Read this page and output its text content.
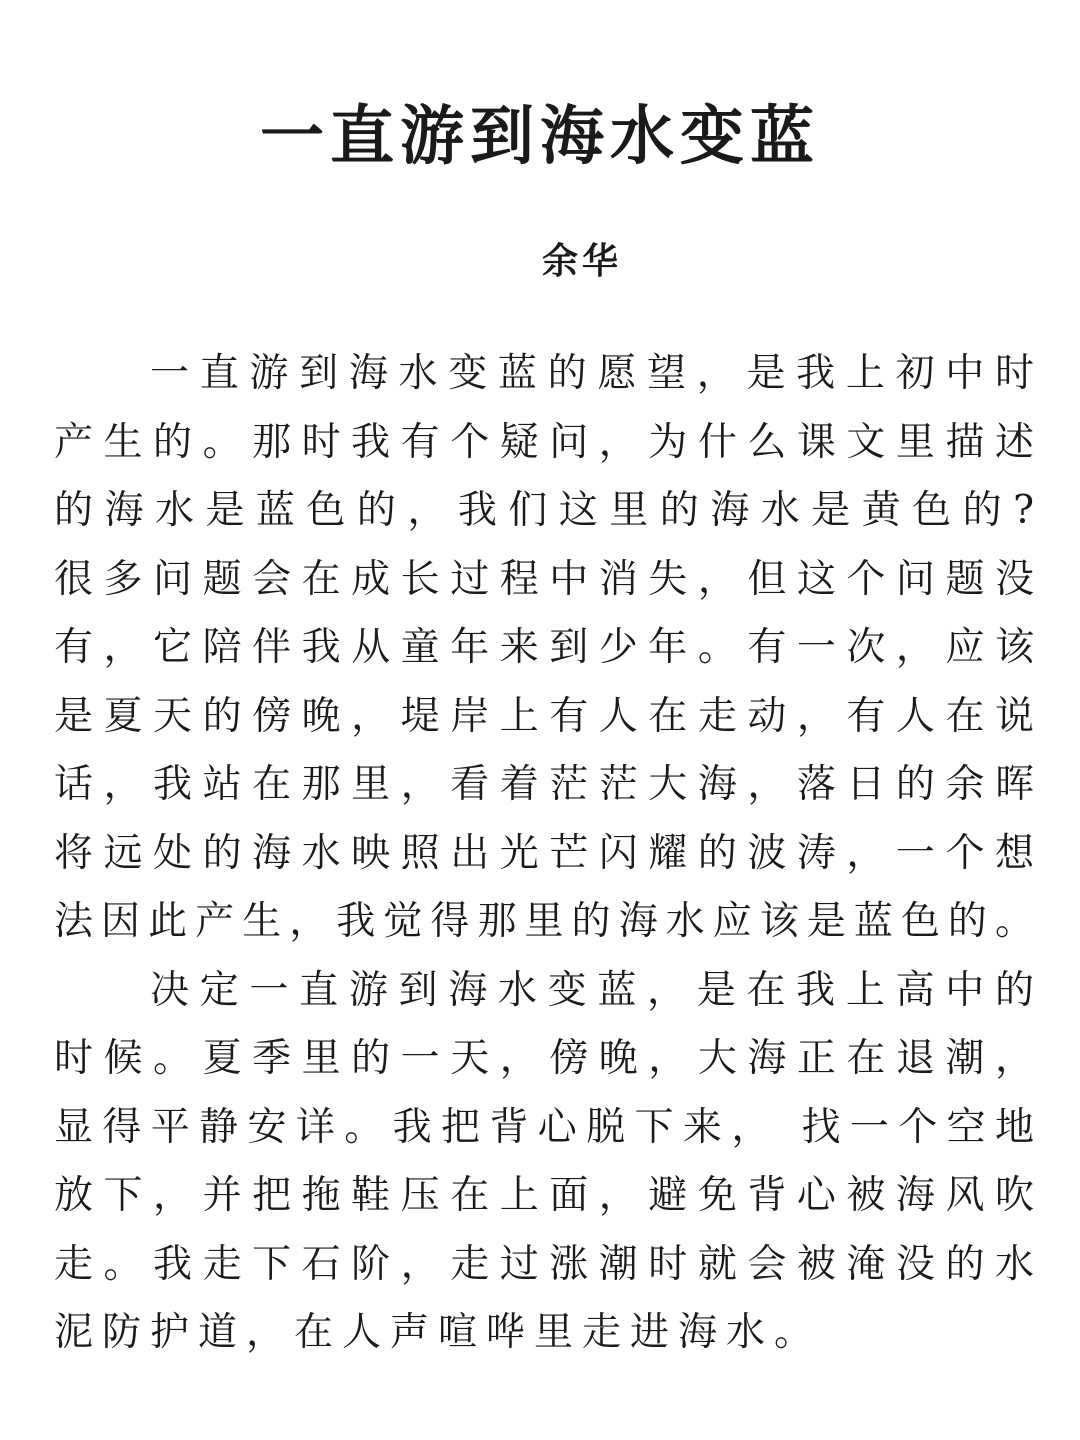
一直游到海水变蓝
余华

一直游到海水变蓝的愿望，是我上初中时

产生的。那时我有个疑问，为什么课文里描述

的海水是蓝色的，我们这里的海水是黄色的?

很多问题会在成长过程中消失，但这个问题没

有，它陪伴我从童年来到少年。有一次，应该

是夏天的傍晚，堤岸上有人在走动，有人在说

话，我站在那里，看着茫茫大海，落日的余晖

将远处的海水映照出光芒闪耀的波涛，一个想

法因此产生，我觉得那里的海水应该是蓝色的。

决定一直游到海水变蓝，是在我上高中的

时候。夏季里的一天，傍晚，大海正在退潮，

显得平静安详。我把背心脱下来， 找一个空地

放下，并把拖鞋压在上面，避免背心被海风吹

走。我走下石阶，走过涨潮时就会被淹没的水

泥防护道，在人声喧哗里走进海水。
